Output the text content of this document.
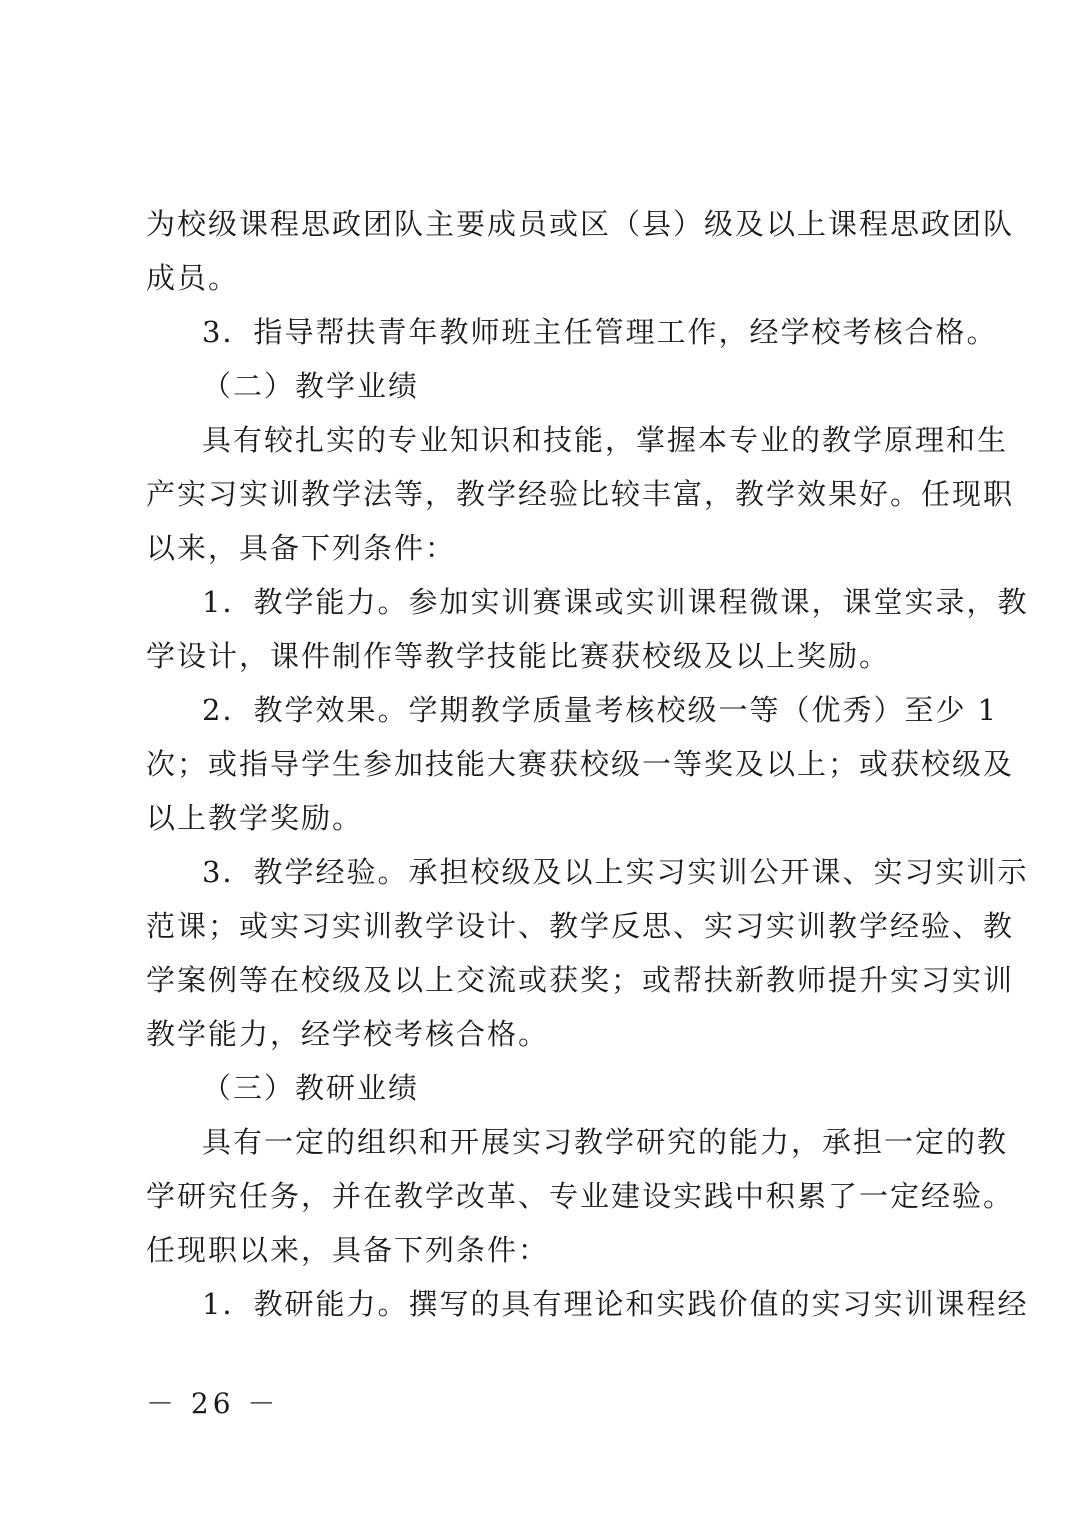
为校级课程思政团队主要成员或区（县）级及以上课程思政团队
成员。
3．指导帮扶青年教师班主任管理工作，经学校考核合格。
（二）教学业绩
具有较扎实的专业知识和技能，掌握本专业的教学原理和生
产实习实训教学法等，教学经验比较丰富，教学效果好。任现职
以来，具备下列条件：
1．教学能力。参加实训赛课或实训课程微课，课堂实录，教
学设计，课件制作等教学技能比赛获校级及以上奖励。
2．教学效果。学期教学质量考核校级一等（优秀）至少 1
次；或指导学生参加技能大赛获校级一等奖及以上；或获校级及
以上教学奖励。
3．教学经验。承担校级及以上实习实训公开课、实习实训示
范课；或实习实训教学设计、教学反思、实习实训教学经验、教
学案例等在校级及以上交流或获奖；或帮扶新教师提升实习实训
教学能力，经学校考核合格。
（三）教研业绩
具有一定的组织和开展实习教学研究的能力，承担一定的教
学研究任务，并在教学改革、专业建设实践中积累了一定经验。
任现职以来，具备下列条件：
1．教研能力。撰写的具有理论和实践价值的实习实训课程经
－ 26 －
